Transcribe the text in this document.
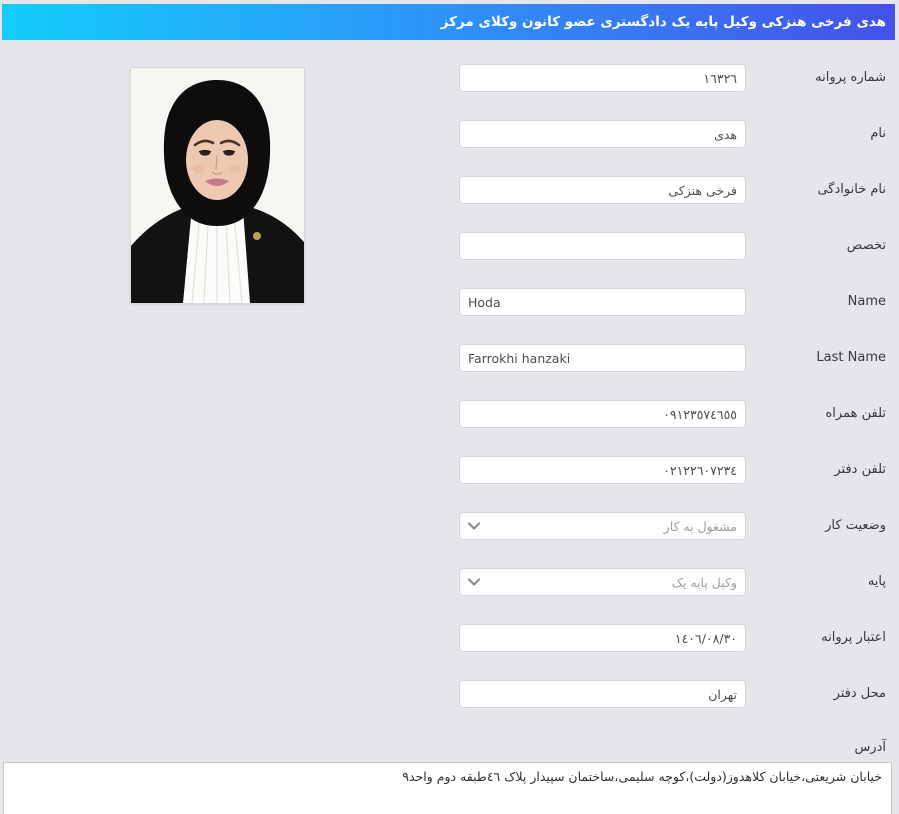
هدی فرخی هنزکی وکیل پایه یک دادگستری عضو کانون وکلای مرکز
١٦٣٢٦
شماره پروانه
هدی
نام
فرخی هنزکی
نام خانوادگی
تخصص
Hoda
Name
Farrokhi hanzaki
Last Name
٠٩١٢٣٥٧٤٦٥٥
تلفن همراه
٠٢١٢٢٦٠٧٢٣٤
تلفن دفتر
مشغول به کار
وضعیت کار
وکیل پایه یک
پایه
١٤٠٦/٠٨/٣٠
اعتبار پروانه
تهران
محل دفتر
آدرس
خیابان شریعتی،خیابان کلاهدوز(دولت)،کوچه سلیمی،ساختمان سپیدار پلاک ٤٦طبقه دوم واحد٩
